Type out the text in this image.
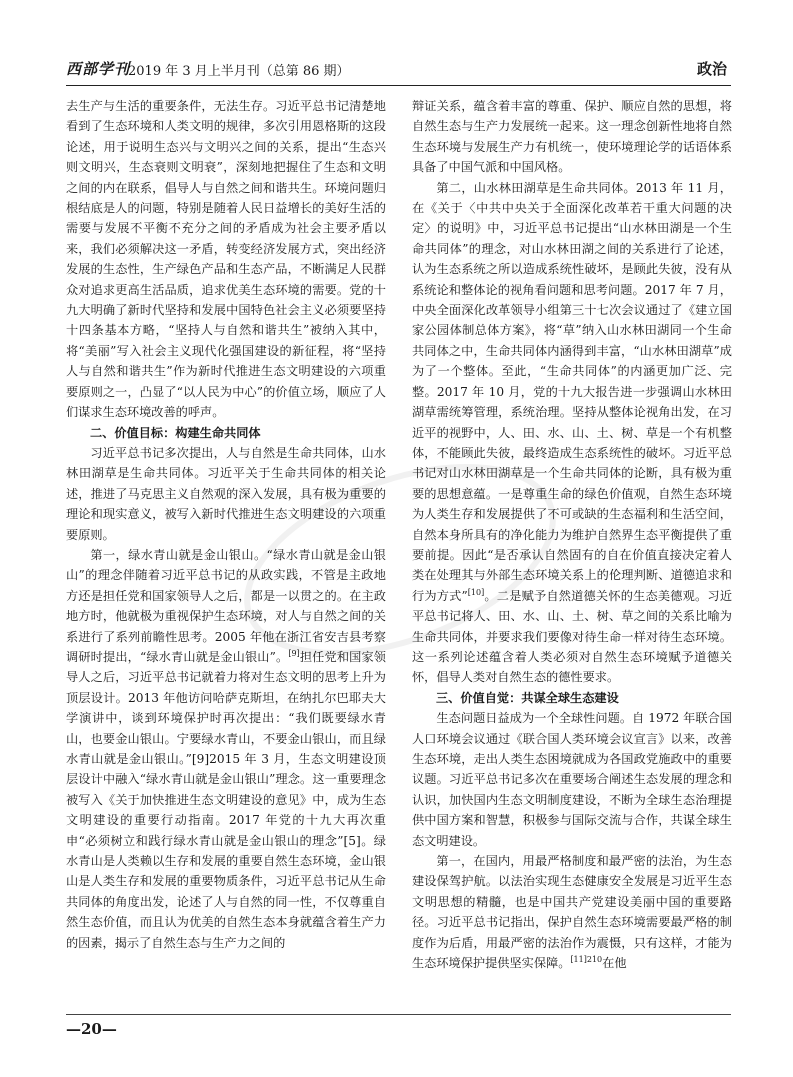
西部学刊
2019 年 3 月上半月刊（总第 86 期）	政治

去生产与生活的重要条件，无法生存。习近平总书记清楚地看到了生态环境和人类文明的规律，多次引用恩格斯的这段论述，用于说明生态兴与文明兴之间的关系，提出“生态兴则文明兴，生态衰则文明衰”，深刻地把握住了生态和文明之间的内在联系，倡导人与自然之间和谐共生。环境问题归根结底是人的问题，特别是随着人民日益增长的美好生活的需要与发展不平衡不充分之间的矛盾成为社会主要矛盾以来，我们必须解决这一矛盾，转变经济发展方式，突出经济发展的生态性，生产绿色产品和生态产品，不断满足人民群众对追求更高生活品质，追求优美生态环境的需要。党的十九大明确了新时代坚持和发展中国特色社会主义必须要坚持十四条基本方略，“坚持人与自然和谐共生”被纳入其中，将“美丽”写入社会主义现代化强国建设的新征程，将“坚持人与自然和谐共生”作为新时代推进生态文明建设的六项重要原则之一，凸显了“以人民为中心”的价值立场，顺应了人们谋求生态环境改善的呼声。

二、价值目标：构建生命共同体

习近平总书记多次提出，人与自然是生命共同体，山水林田湖草是生命共同体。习近平关于生命共同体的相关论述，推进了马克思主义自然观的深入发展，具有极为重要的理论和现实意义，被写入新时代推进生态文明建设的六项重要原则。

第一，绿水青山就是金山银山。“绿水青山就是金山银山”的理念伴随着习近平总书记的从政实践，不管是主政地方还是担任党和国家领导人之后，都是一以贯之的。在主政地方时，他就极为重视保护生态环境，对人与自然之间的关系进行了系列前瞻性思考。2005 年他在浙江省安吉县考察调研时提出，“绿水青山就是金山银山”。[9]担任党和国家领导人之后，习近平总书记就着力将对生态文明的思考上升为顶层设计。2013 年他访问哈萨克斯坦，在纳扎尔巴耶夫大学演讲中，谈到环境保护时再次提出：“我们既要绿水青山，也要金山银山。宁要绿水青山，不要金山银山，而且绿水青山就是金山银山。”[9]2015 年 3 月，生态文明建设顶层设计中融入“绿水青山就是金山银山”理念。这一重要理念被写入《关于加快推进生态文明建设的意见》中，成为生态文明建设的重要行动指南。2017 年党的十九大再次重申“必须树立和践行绿水青山就是金山银山的理念”[5]。绿水青山是人类赖以生存和发展的重要自然生态环境，金山银山是人类生存和发展的重要物质条件，习近平总书记从生命共同体的角度出发，论述了人与自然的同一性，不仅尊重自然生态价值，而且认为优美的自然生态本身就蕴含着生产力的因素，揭示了自然生态与生产力之间的

辩证关系，蕴含着丰富的尊重、保护、顺应自然的思想，将自然生态与生产力发展统一起来。这一理念创新性地将自然生态环境与发展生产力有机统一，使环境理论学的话语体系具备了中国气派和中国风格。

第二，山水林田湖草是生命共同体。2013 年 11 月，在《关于〈中共中央关于全面深化改革若干重大问题的决定〉的说明》中，习近平总书记提出“山水林田湖是一个生命共同体”的理念，对山水林田湖之间的关系进行了论述，认为生态系统之所以造成系统性破坏，是顾此失彼，没有从系统论和整体论的视角看问题和思考问题。2017 年 7 月，中央全面深化改革领导小组第三十七次会议通过了《建立国家公园体制总体方案》，将“草”纳入山水林田湖同一个生命共同体之中，生命共同体内涵得到丰富，“山水林田湖草”成为了一个整体。至此，“生命共同体”的内涵更加广泛、完整。2017 年 10 月，党的十九大报告进一步强调山水林田湖草需统筹管理，系统治理。坚持从整体论视角出发，在习近平的视野中，人、田、水、山、土、树、草是一个有机整体，不能顾此失彼，最终造成生态系统性的破坏。习近平总书记对山水林田湖草是一个生命共同体的论断，具有极为重要的思想意蕴。一是尊重生命的绿色价值观，自然生态环境为人类生存和发展提供了不可或缺的生态福利和生活空间，自然本身所具有的净化能力为维护自然界生态平衡提供了重要前提。因此“是否承认自然固有的自在价值直接决定着人类在处理其与外部生态环境关系上的伦理判断、道德追求和行为方式”[10]。二是赋予自然道德关怀的生态美德观。习近平总书记将人、田、水、山、土、树、草之间的关系比喻为生命共同体，并要求我们要像对待生命一样对待生态环境。这一系列论述蕴含着人类必须对自然生态环境赋予道德关怀，倡导人类对自然生态的德性要求。

三、价值自觉：共谋全球生态建设

生态问题日益成为一个全球性问题。自 1972 年联合国人口环境会议通过《联合国人类环境会议宣言》以来，改善生态环境，走出人类生态困境就成为各国政党施政中的重要议题。习近平总书记多次在重要场合阐述生态发展的理念和认识，加快国内生态文明制度建设，不断为全球生态治理提供中国方案和智慧，积极参与国际交流与合作，共谋全球生态文明建设。

第一，在国内，用最严格制度和最严密的法治，为生态建设保驾护航。以法治实现生态健康安全发展是习近平生态文明思想的精髓，也是中国共产党建设美丽中国的重要路径。习近平总书记指出，保护自然生态环境需要最严格的制度作为后盾，用最严密的法治作为震慑，只有这样，才能为生态环境保护提供坚实保障。$^{[11]210}$在他

—20—
